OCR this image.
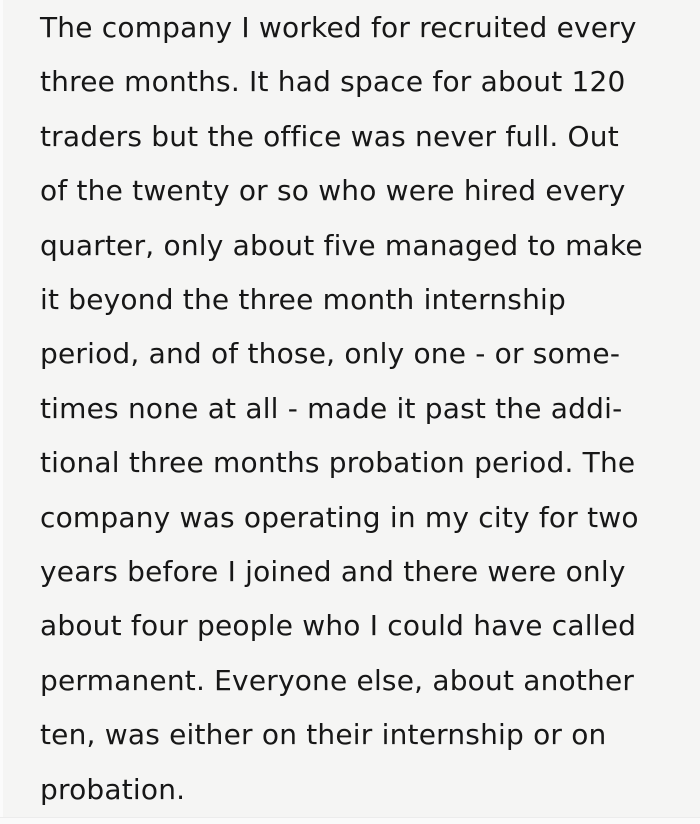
The company I worked for recruited every
three months. It had space for about 120
traders but the office was never full. Out
of the twenty or so who were hired every
quarter, only about five managed to make
it beyond the three month internship
period, and of those, only one - or some-
times none at all - made it past the addi-
tional three months probation period. The
company was operating in my city for two
years before I joined and there were only
about four people who I could have called
permanent. Everyone else, about another
ten, was either on their internship or on
probation.
